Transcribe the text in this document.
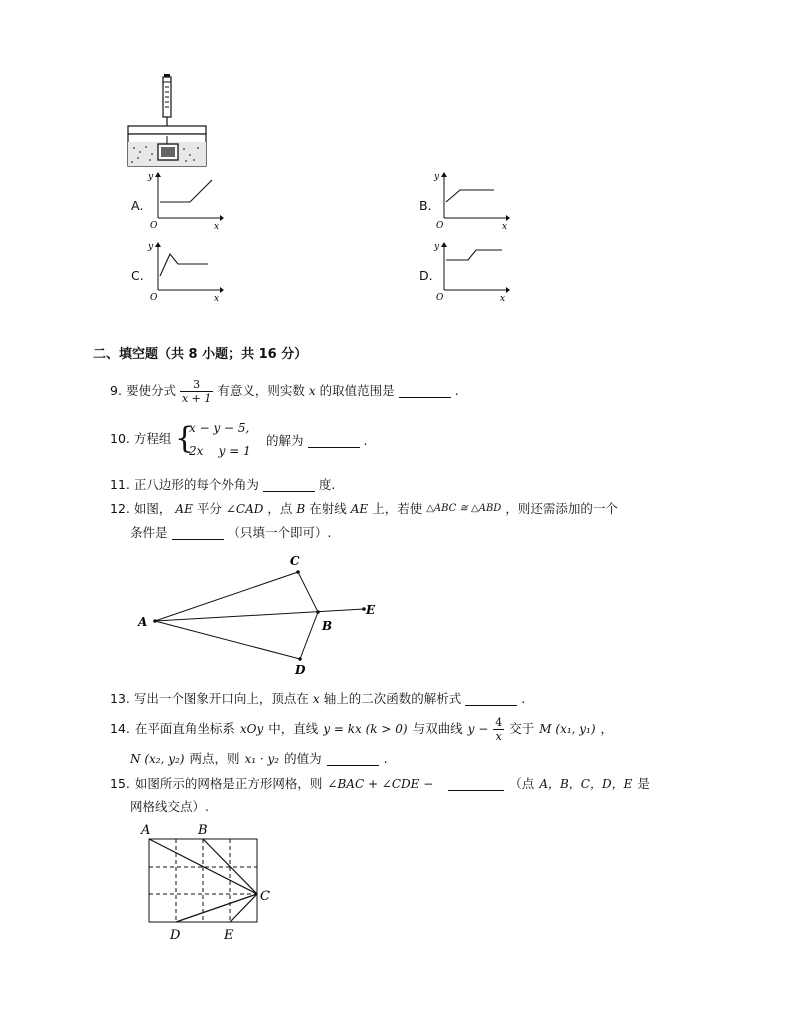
A.
y
O	x
B.
y
O	x
C.
y
O	x
D.
y
O	x
二、填空题（共 8 小题；共 16 分）
9. 要使分式 $\frac{3}{x + 1}$ 有意义，则实数 x 的取值范围是	.
10. 方程组 {
x − y − 5,
2x    y = 1
的解为	.
11. 正八边形的每个外角为	度.
12. 如图， AE 平分 ∠CAD ，点 B 在射线 AE 上，若使 △ABC ≅ △ABD ，则还需添加的一个
条件是	（只填一个即可）.
A
C
B
D
E
13. 写出一个图象开口向上，顶点在 x 轴上的二次函数的解析式	.
14. 在平面直角坐标系 xOy 中，直线 y = kx (k > 0) 与双曲线 $y - \frac{4}{x}$ 交于 M (x₁, y₁) ，
N (x₂, y₂) 两点，则 x₁ · y₂ 的值为	.
15. 如图所示的网格是正方形网格，则 ∠BAC + ∠CDE −	（点 A，B，C，D，E 是
网格线交点）.
A	B
C
D	E
